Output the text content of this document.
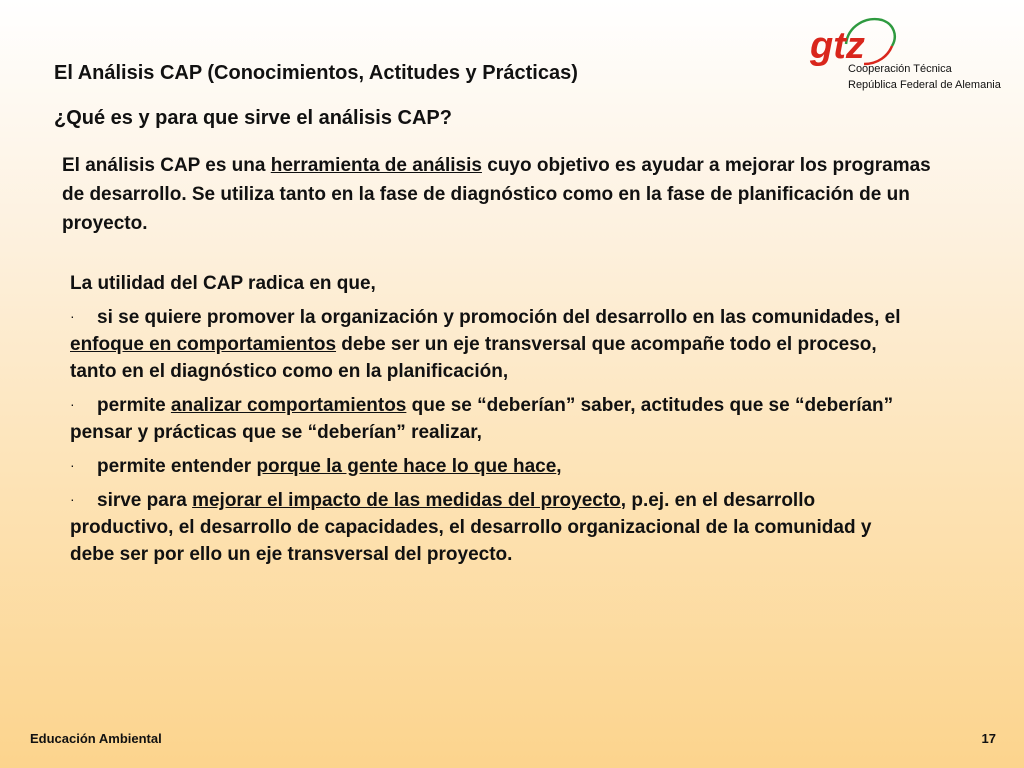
gtz
Cooperación Técnica
República Federal de Alemania
El Análisis CAP (Conocimientos, Actitudes y Prácticas)
¿Qué es y para que sirve el análisis CAP?

El análisis CAP es una herramienta de análisis cuyo objetivo es ayudar a mejorar los programas de desarrollo. Se utiliza tanto en la fase de diagnóstico como en la fase de planificación de un proyecto.

La utilidad del CAP radica en que,

· si se quiere promover la organización y promoción del desarrollo en las comunidades, el enfoque en comportamientos debe ser un eje transversal que acompañe todo el proceso, tanto en el diagnóstico como en la planificación,

· permite analizar comportamientos que se “deberían” saber, actitudes que se “deberían” pensar y prácticas que se “deberían” realizar,

· permite entender porque la gente hace lo que hace,

· sirve para mejorar el impacto de las medidas del proyecto, p.ej. en el desarrollo productivo, el desarrollo de capacidades, el desarrollo organizacional de la comunidad y debe ser por ello un eje transversal del proyecto.

Educación Ambiental	17
